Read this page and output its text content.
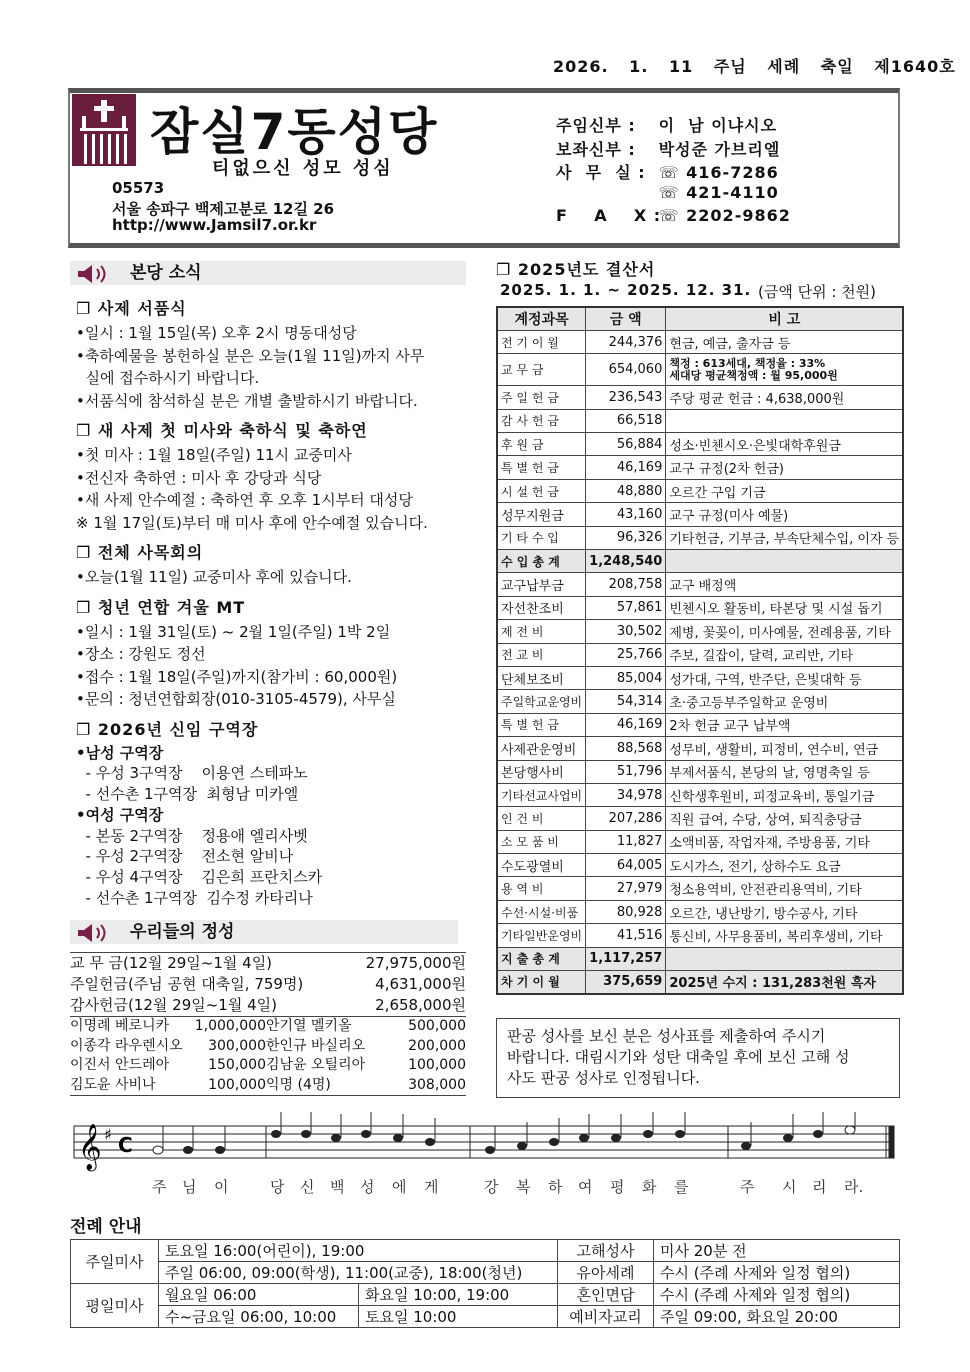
2026. 1. 11 주님 세례 축일 제1640호
잠실7동성당
티없으신 성모 성심
05573
서울 송파구 백제고분로 12길 26
http://www.Jamsil7.or.kr
주임신부 : 이  남 이냐시오
보좌신부 : 박성준 가브리엘
사  무  실 : ☏ 416-7286
☏ 421-4110
F    A    X : ☏ 2202-9862
본당 소식
❐ 사제 서품식
•일시 : 1월 15일(목) 오후 2시 명동대성당
•축하예물을 봉헌하실 분은 오늘(1월 11일)까지 사무
실에 접수하시기 바랍니다.
•서품식에 참석하실 분은 개별 출발하시기 바랍니다.
❐ 새 사제 첫 미사와 축하식 및 축하연
•첫 미사 : 1월 18일(주일) 11시 교중미사
•전신자 축하연 : 미사 후 강당과 식당
•새 사제 안수예절 : 축하연 후 오후 1시부터 대성당
※ 1월 17일(토)부터 매 미사 후에 안수예절 있습니다.
❐ 전체 사목회의
•오늘(1월 11일) 교중미사 후에 있습니다.
❐ 청년 연합 겨울 MT
•일시 : 1월 31일(토) ~ 2월 1일(주일) 1박 2일
•장소 : 강원도 정선
•접수 : 1월 18일(주일)까지(참가비 : 60,000원)
•문의 : 청년연합회장(010-3105-4579), 사무실
❐ 2026년 신임 구역장
•남성 구역장
- 우성 3구역장    이용연 스테파노
- 선수촌 1구역장  최형남 미카엘
•여성 구역장
- 본동 2구역장    정용애 엘리사벳
- 우성 2구역장    전소현 알비나
- 우성 4구역장    김은희 프란치스카
- 선수촌 1구역장  김수정 카타리나
우리들의 정성
교 무 금(12월 29일~1월 4일)	27,975,000원
주일헌금(주님 공현 대축일, 759명)	4,631,000원
감사헌금(12월 29일~1월 4일)	2,658,000원
이명례 베로니카	1,000,000 안기열 멜키올	500,000
이종각 라우렌시오	300,000 한인규 바실리오	200,000
이진서 안드레아	150,000 김남윤 오틸리아	100,000
김도윤 사비나	100,000 익명 (4명)	308,000
❐ 2025년도 결산서
2025. 1. 1. ~ 2025. 12. 31. (금액 단위 : 천원)
계정과목	금 액	비 고
전 기 이 월	244,376	현금, 예금, 출자금 등
교 무 금	654,060	책정 : 613세대, 책정율 : 33%
세대당 평균책정액 : 월 95,000원

주 일 헌 금	236,543	주당 평균 헌금 : 4,638,000원
감 사 헌 금	66,518	
후 원 금	56,884	성소·빈첸시오·은빛대학후원금
특 별 헌 금	46,169	교구 규정(2차 헌금)
시 설 헌 금	48,880	오르간 구입 기금
성무지원금	43,160	교구 규정(미사 예물)
기 타 수 입	96,326	기타헌금, 기부금, 부속단체수입, 이자 등
수 입 총 계	1,248,540	
교구납부금	208,758	교구 배정액
자선찬조비	57,861	빈첸시오 활동비, 타본당 및 시설 돕기
제 전 비	30,502	제병, 꽃꽂이, 미사예물, 전례용품, 기타
전 교 비	25,766	주보, 길잡이, 달력, 교리반, 기타
단체보조비	85,004	성가대, 구역, 반주단, 은빛대학 등
주일학교운영비	54,314	초·중고등부주일학교 운영비
특 별 헌 금	46,169	2차 헌금 교구 납부액
사제관운영비	88,568	성무비, 생활비, 피정비, 연수비, 연금
본당행사비	51,796	부제서품식, 본당의 날, 영명축일 등
기타선교사업비	34,978	신학생후원비, 피정교육비, 통일기금
인 건 비	207,286	직원 급여, 수당, 상여, 퇴직충당금
소 모 품 비	11,827	소액비품, 작업자재, 주방용품, 기타
수도광열비	64,005	도시가스, 전기, 상하수도 요금
용 역 비	27,979	청소용역비, 안전관리용역비, 기타
수선·시설·비품	80,928	오르간, 냉난방기, 방수공사, 기타
기타일반운영비	41,516	통신비, 사무용품비, 복리후생비, 기타
지 출 총 계	1,117,257	
차 기 이 월	375,659	2025년 수지 : 131,283천원 흑자
판공 성사를 보신 분은 성사표를 제출하여 주시기
바랍니다. 대림시기와 성탄 대축일 후에 보신 고해 성
사도 판공 성사로 인정됩니다.
𝄞 ♯ C
주 님 이	당 신 백 성 에 게	강 복 하 여 평 화 를	주 시 리 라.
전례 안내
주일미사	토요일 16:00(어린이), 19:00		고해성사	미사 20분 전
	주일 06:00, 09:00(학생), 11:00(교중), 18:00(청년)		유아세례	수시 (주례 사제와 일정 협의)
평일미사	월요일 06:00	화요일 10:00, 19:00	혼인면담	수시 (주례 사제와 일정 협의)
	수~금요일 06:00, 10:00	토요일 10:00	예비자교리	주일 09:00, 화요일 20:00
